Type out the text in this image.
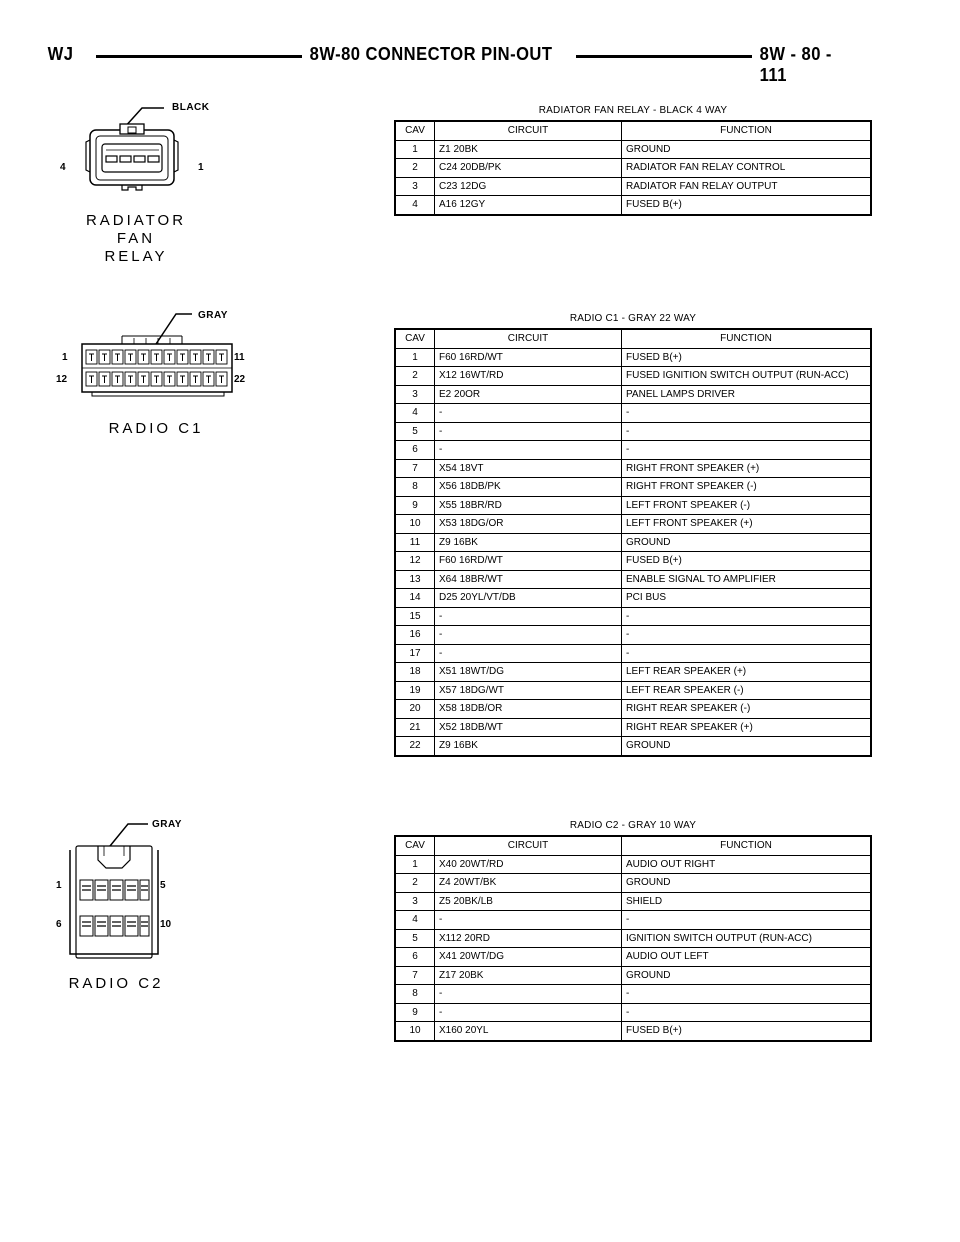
WJ	8W-80 CONNECTOR PIN-OUT	8W - 80 - 111
BLACK
4	1
RADIATOR
FAN
RELAY
RADIATOR FAN RELAY - BLACK 4 WAY
CAV	CIRCUIT	FUNCTION
1	Z1 20BK	GROUND
2	C24 20DB/PK	RADIATOR FAN RELAY CONTROL
3	C23 12DG	RADIATOR FAN RELAY OUTPUT
4	A16 12GY	FUSED B(+)
GRAY
1	11
12	22
RADIO C1
RADIO C1 - GRAY 22 WAY
CAV	CIRCUIT	FUNCTION
1	F60 16RD/WT	FUSED B(+)
2	X12 16WT/RD	FUSED IGNITION SWITCH OUTPUT (RUN-ACC)
3	E2 20OR	PANEL LAMPS DRIVER
4	-	-
5	-	-
6	-	-
7	X54 18VT	RIGHT FRONT SPEAKER (+)
8	X56 18DB/PK	RIGHT FRONT SPEAKER (-)
9	X55 18BR/RD	LEFT FRONT SPEAKER (-)
10	X53 18DG/OR	LEFT FRONT SPEAKER (+)
11	Z9 16BK	GROUND
12	F60 16RD/WT	FUSED B(+)
13	X64 18BR/WT	ENABLE SIGNAL TO AMPLIFIER
14	D25 20YL/VT/DB	PCI BUS
15	-	-
16	-	-
17	-	-
18	X51 18WT/DG	LEFT REAR SPEAKER (+)
19	X57 18DG/WT	LEFT REAR SPEAKER (-)
20	X58 18DB/OR	RIGHT REAR SPEAKER (-)
21	X52 18DB/WT	RIGHT REAR SPEAKER (+)
22	Z9 16BK	GROUND
GRAY
1	5
6	10
RADIO C2
RADIO C2 - GRAY 10 WAY
CAV	CIRCUIT	FUNCTION
1	X40 20WT/RD	AUDIO OUT RIGHT
2	Z4 20WT/BK	GROUND
3	Z5 20BK/LB	SHIELD
4	-	-
5	X112 20RD	IGNITION SWITCH OUTPUT (RUN-ACC)
6	X41 20WT/DG	AUDIO OUT LEFT
7	Z17 20BK	GROUND
8	-	-
9	-	-
10	X160 20YL	FUSED B(+)
